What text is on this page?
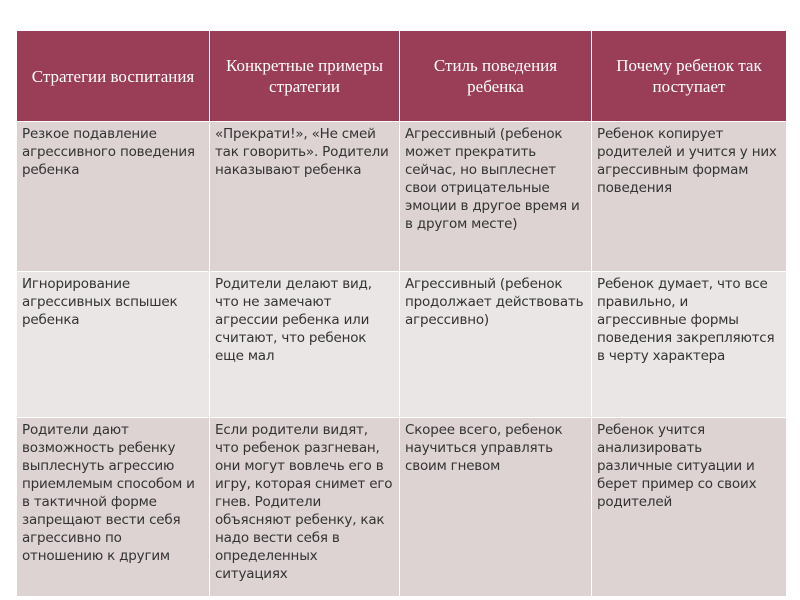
Стратегии воспитания	Конкретные примеры стратегии	Стиль поведения ребенка	Почему ребенок так поступает
Резкое подавление агрессивного поведения ребенка	«Прекрати!», «Не смей так говорить». Родители наказывают ребенка	Агрессивный (ребенок может прекратить сейчас, но выплеснет свои отрицательные эмоции в другое время и в другом месте)	Ребенок копирует родителей и учится у них агрессивным формам поведения
Игнорирование агрессивных вспышек ребенка	Родители делают вид, что не замечают агрессии ребенка или считают, что ребенок еще мал	Агрессивный (ребенок продолжает действовать агрессивно)	Ребенок думает, что все правильно, и агрессивные формы поведения закрепляются в черту характера
Родители дают возможность ребенку выплеснуть агрессию приемлемым способом и в тактичной форме запрещают вести себя агрессивно по отношению к другим	Если родители видят, что ребенок разгневан, они могут вовлечь его в игру, которая снимет его гнев. Родители объясняют ребенку, как надо вести себя в определенных ситуациях	Скорее всего, ребенок научиться управлять своим гневом	Ребенок учится анализировать различные ситуации и берет пример со своих родителей
